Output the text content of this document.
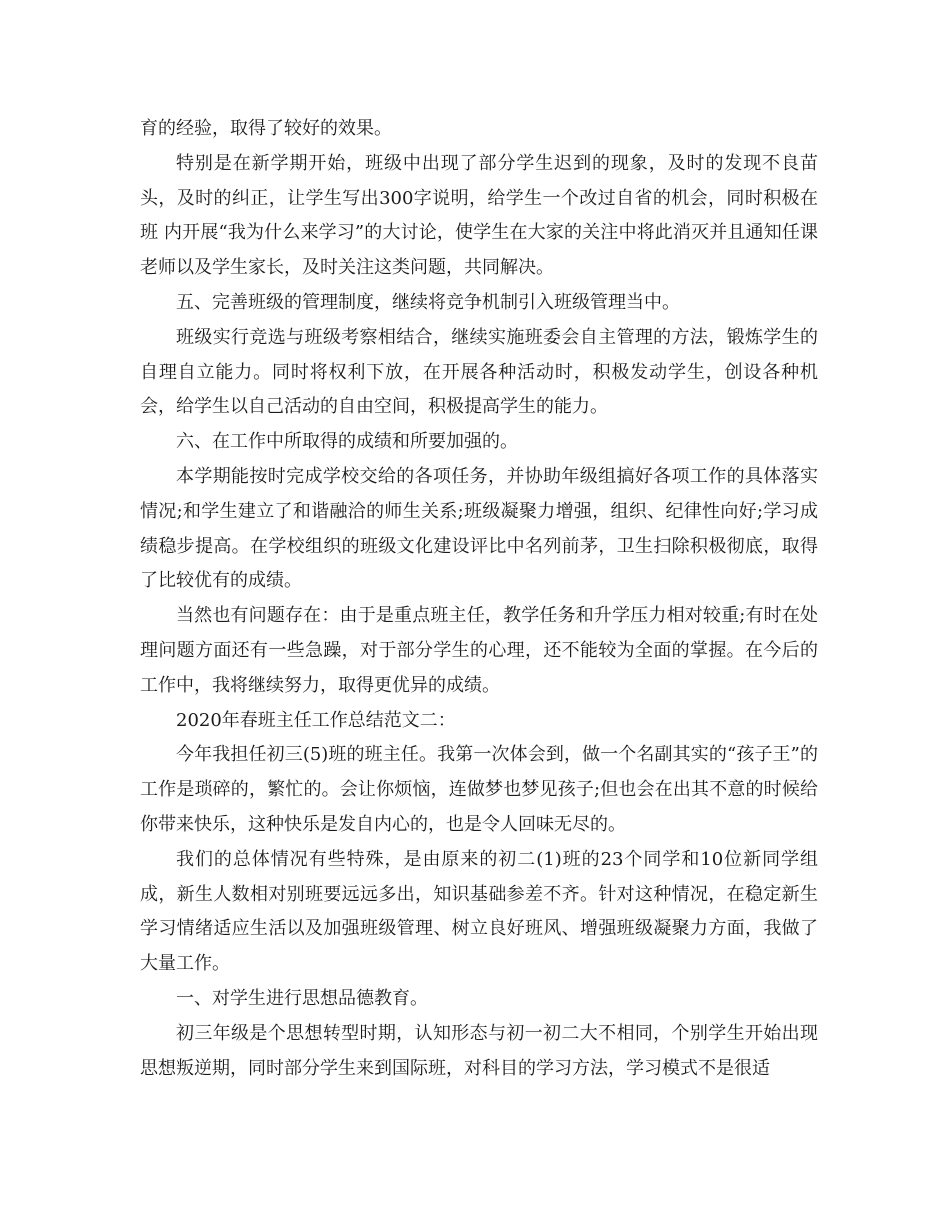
育的经验，取得了较好的效果。

特别是在新学期开始，班级中出现了部分学生迟到的现象，及时的发现不良苗头，及时的纠正，让学生写出300字说明，给学生一个改过自省的机会，同时积极在班 内开展“我为什么来学习”的大讨论，使学生在大家的关注中将此消灭并且通知任课老师以及学生家长，及时关注这类问题，共同解决。

五、完善班级的管理制度，继续将竞争机制引入班级管理当中。

班级实行竞选与班级考察相结合，继续实施班委会自主管理的方法，锻炼学生的自理自立能力。同时将权利下放，在开展各种活动时，积极发动学生，创设各种机会，给学生以自己活动的自由空间，积极提高学生的能力。

六、在工作中所取得的成绩和所要加强的。

本学期能按时完成学校交给的各项任务，并协助年级组搞好各项工作的具体落实情况;和学生建立了和谐融洽的师生关系;班级凝聚力增强，组织、纪律性向好;学习成绩稳步提高。在学校组织的班级文化建设评比中名列前茅，卫生扫除积极彻底，取得了比较优有的成绩。

当然也有问题存在：由于是重点班主任，教学任务和升学压力相对较重;有时在处理问题方面还有一些急躁，对于部分学生的心理，还不能较为全面的掌握。在今后的工作中，我将继续努力，取得更优异的成绩。

2020年春班主任工作总结范文二：

今年我担任初三(5)班的班主任。我第一次体会到，做一个名副其实的“孩子王”的工作是琐碎的，繁忙的。会让你烦恼，连做梦也梦见孩子;但也会在出其不意的时候给你带来快乐，这种快乐是发自内心的，也是令人回味无尽的。

我们的总体情况有些特殊，是由原来的初二(1)班的23个同学和10位新同学组成，新生人数相对别班要远远多出，知识基础参差不齐。针对这种情况，在稳定新生学习情绪适应生活以及加强班级管理、树立良好班风、增强班级凝聚力方面，我做了大量工作。

一、对学生进行思想品德教育。

初三年级是个思想转型时期，认知形态与初一初二大不相同，个别学生开始出现思想叛逆期，同时部分学生来到国际班，对科目的学习方法，学习模式不是很适
